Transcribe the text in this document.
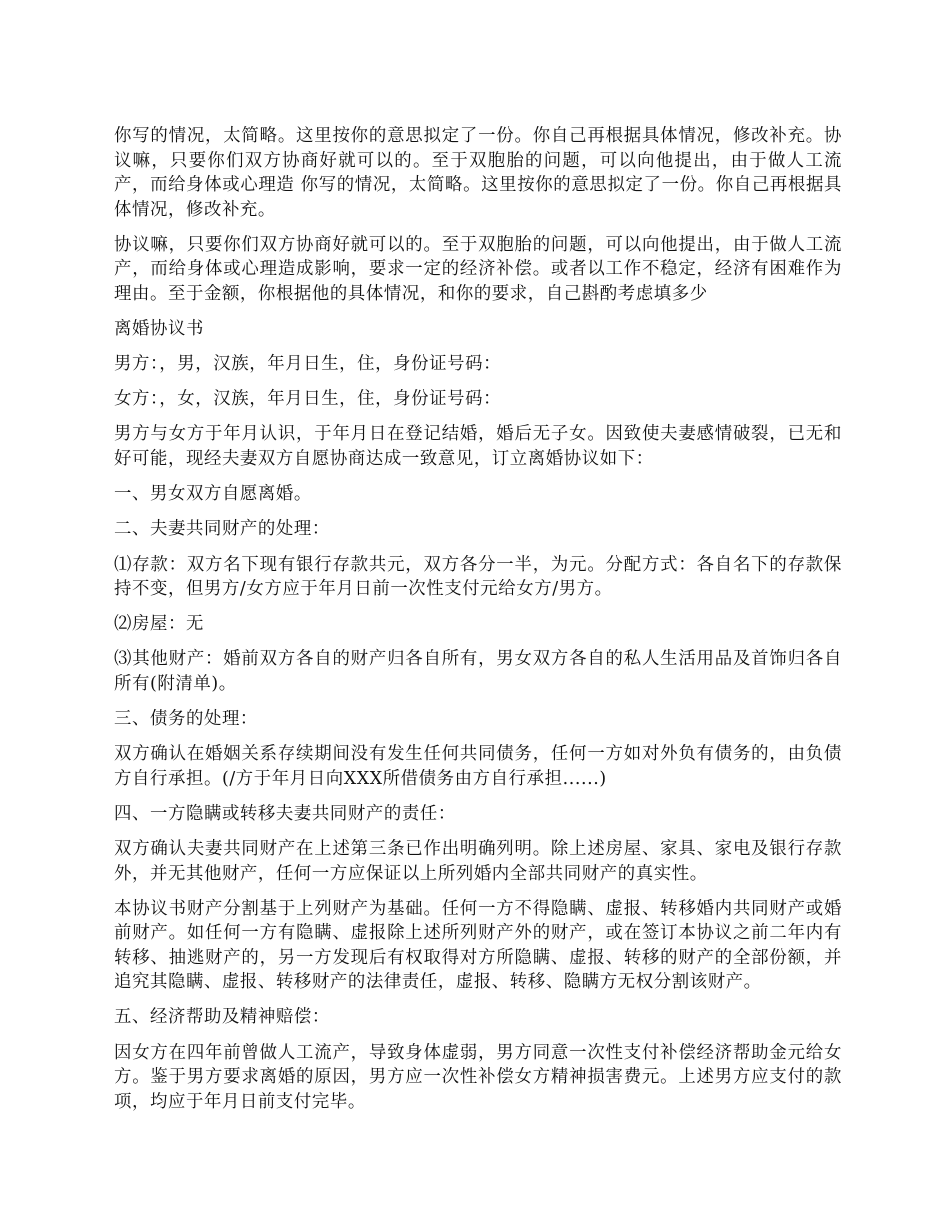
你写的情况，太简略。这里按你的意思拟定了一份。你自己再根据具体情况，修改补充。协议嘛，只要你们双方协商好就可以的。至于双胞胎的问题，可以向他提出，由于做人工流产，而给身体或心理造 你写的情况，太简略。这里按你的意思拟定了一份。你自己再根据具体情况，修改补充。

协议嘛，只要你们双方协商好就可以的。至于双胞胎的问题，可以向他提出，由于做人工流产，而给身体或心理造成影响，要求一定的经济补偿。或者以工作不稳定，经济有困难作为理由。至于金额，你根据他的具体情况，和你的要求，自己斟酌考虑填多少

离婚协议书

男方：，男，汉族，年月日生，住，身份证号码：

女方：，女，汉族，年月日生，住，身份证号码：

男方与女方于年月认识，于年月日在登记结婚，婚后无子女。因致使夫妻感情破裂，已无和好可能，现经夫妻双方自愿协商达成一致意见，订立离婚协议如下：

一、男女双方自愿离婚。

二、夫妻共同财产的处理：

⑴存款：双方名下现有银行存款共元，双方各分一半，为元。分配方式：各自名下的存款保持不变，但男方/女方应于年月日前一次性支付元给女方/男方。

⑵房屋：无

⑶其他财产：婚前双方各自的财产归各自所有，男女双方各自的私人生活用品及首饰归各自所有(附清单)。

三、债务的处理：

双方确认在婚姻关系存续期间没有发生任何共同债务，任何一方如对外负有债务的，由负债方自行承担。(/方于年月日向XXX所借债务由方自行承担......)

四、一方隐瞒或转移夫妻共同财产的责任：

双方确认夫妻共同财产在上述第三条已作出明确列明。除上述房屋、家具、家电及银行存款外，并无其他财产，任何一方应保证以上所列婚内全部共同财产的真实性。

本协议书财产分割基于上列财产为基础。任何一方不得隐瞒、虚报、转移婚内共同财产或婚前财产。如任何一方有隐瞒、虚报除上述所列财产外的财产，或在签订本协议之前二年内有转移、抽逃财产的，另一方发现后有权取得对方所隐瞒、虚报、转移的财产的全部份额，并追究其隐瞒、虚报、转移财产的法律责任，虚报、转移、隐瞒方无权分割该财产。

五、经济帮助及精神赔偿：

因女方在四年前曾做人工流产，导致身体虚弱，男方同意一次性支付补偿经济帮助金元给女方。鉴于男方要求离婚的原因，男方应一次性补偿女方精神损害费元。上述男方应支付的款项，均应于年月日前支付完毕。
